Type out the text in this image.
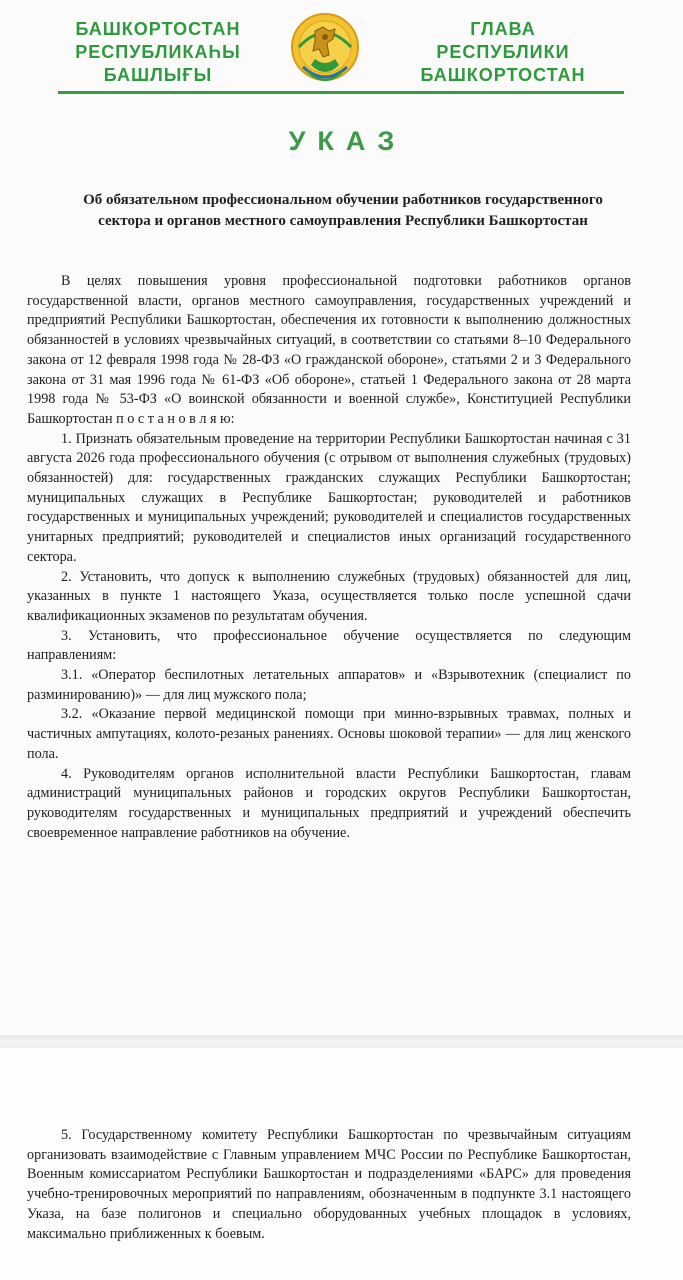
БАШКОРТОСТАН
РЕСПУБЛИКАҺЫ
БАШЛЫҒЫ
ГЛАВА
РЕСПУБЛИКИ
БАШКОРТОСТАН
УКАЗ
Об обязательном профессиональном обучении работников государственного сектора и органов местного самоуправления Республики Башкортостан

В целях повышения уровня профессиональной подготовки работников органов государственной власти, органов местного самоуправления, государственных учреждений и предприятий Республики Башкортостан, обеспечения их готовности к выполнению должностных обязанностей в условиях чрезвычайных ситуаций, в соответствии со статьями 8–10 Федерального закона от 12 февраля 1998 года № 28-ФЗ «О гражданской обороне», статьями 2 и 3 Федерального закона от 31 мая 1996 года № 61-ФЗ «Об обороне», статьей 1 Федерального закона от 28 марта 1998 года № 53-ФЗ «О воинской обязанности и военной службе», Конституцией Республики Башкортостан п о с т а н о в л я ю:

1. Признать обязательным проведение на территории Республики Башкортостан начиная с 31 августа 2026 года профессионального обучения (с отрывом от выполнения служебных (трудовых) обязанностей) для: государственных гражданских служащих Республики Башкортостан; муниципальных служащих в Республике Башкортостан; руководителей и работников государственных и муниципальных учреждений; руководителей и специалистов государственных унитарных предприятий; руководителей и специалистов иных организаций государственного сектора.

2. Установить, что допуск к выполнению служебных (трудовых) обязанностей для лиц, указанных в пункте 1 настоящего Указа, осуществляется только после успешной сдачи квалификационных экзаменов по результатам обучения.

3. Установить, что профессиональное обучение осуществляется по следующим направлениям:

3.1. «Оператор беспилотных летательных аппаратов» и «Взрывотехник (специалист по разминированию)» — для лиц мужского пола;

3.2. «Оказание первой медицинской помощи при минно-взрывных травмах, полных и частичных ампутациях, колото-резаных ранениях. Основы шоковой терапии» — для лиц женского пола.

4. Руководителям органов исполнительной власти Республики Башкортостан, главам администраций муниципальных районов и городских округов Республики Башкортостан, руководителям государственных и муниципальных предприятий и учреждений обеспечить своевременное направление работников на обучение.

5. Государственному комитету Республики Башкортостан по чрезвычайным ситуациям организовать взаимодействие с Главным управлением МЧС России по Республике Башкортостан, Военным комиссариатом Республики Башкортостан и подразделениями «БАРС» для проведения учебно-тренировочных мероприятий по направлениям, обозначенным в подпункте 3.1 настоящего Указа, на базе полигонов и специально оборудованных учебных площадок в условиях, максимально приближенных к боевым.
